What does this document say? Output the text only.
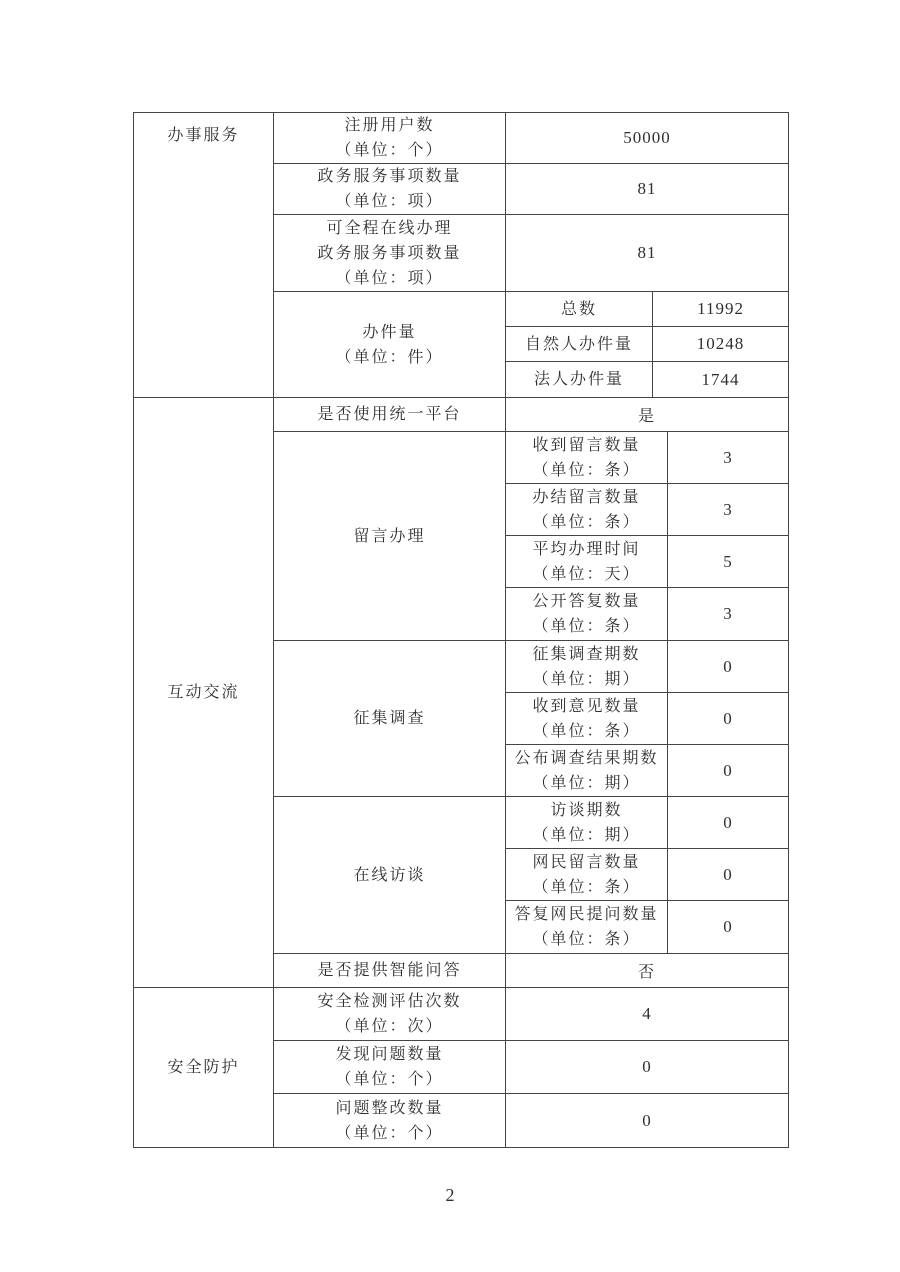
办事服务	注册用户数
（单位：个）	50000		

	政务服务事项数量
（单位：项）	81		

	可全程在线办理
政务服务事项数量
（单位：项）	81		

	办件量
（单位：件）	总数	11992	

		自然人办件量	10248	

		法人办件量	1744	

互动交流	是否使用统一平台	是		

	留言办理	收到留言数量
（单位：条）		3

		办结留言数量
（单位：条）		3

		平均办理时间
（单位：天）		5

		公开答复数量
（单位：条）		3

	征集调查	征集调查期数
（单位：期）		0

		收到意见数量
（单位：条）		0

		公布调查结果期数
（单位：期）		0

	在线访谈	访谈期数
（单位：期）		0

		网民留言数量
（单位：条）		0

		答复网民提问数量
（单位：条）		0

	是否提供智能问答	否		

安全防护	安全检测评估次数
（单位：次）	4		

	发现问题数量
（单位：个）	0		

	问题整改数量
（单位：个）	0		
2
